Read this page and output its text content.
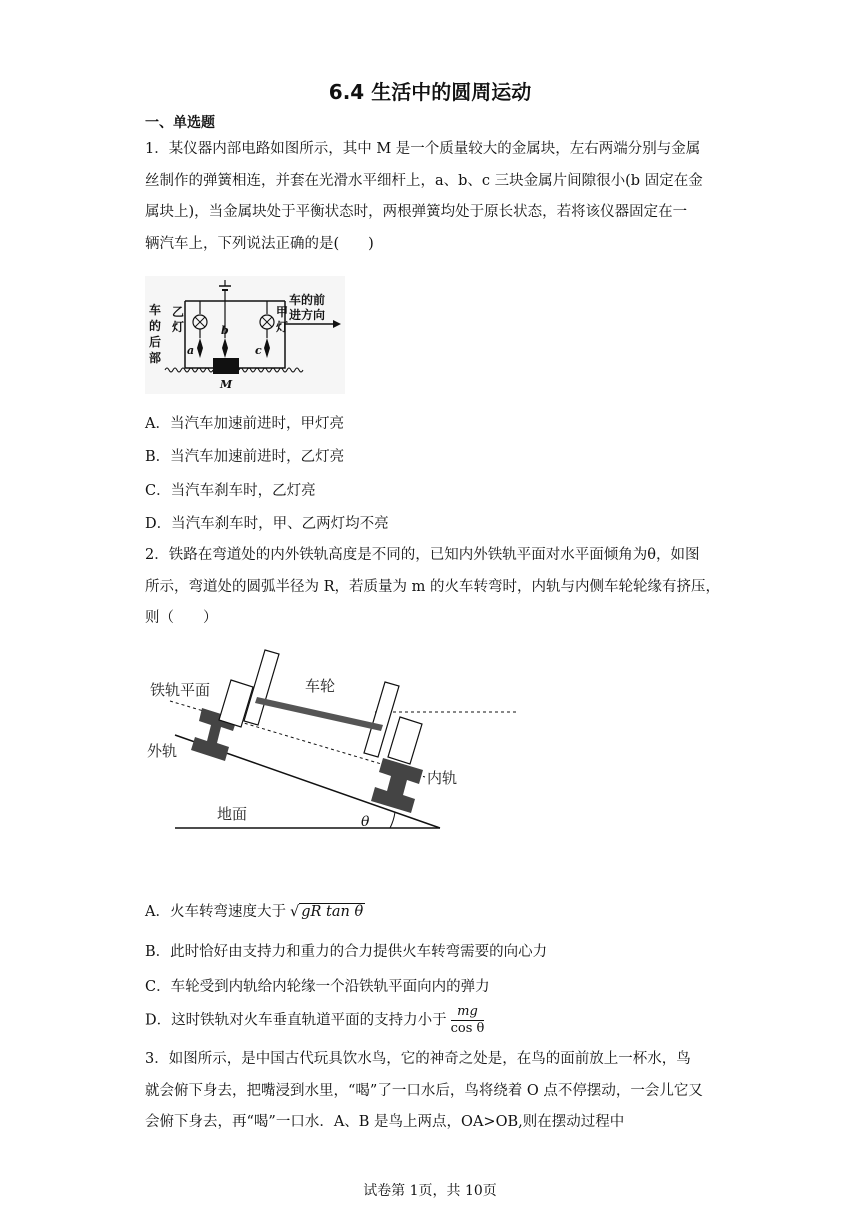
6.4 生活中的圆周运动
一、单选题
1．某仪器内部电路如图所示，其中 M 是一个质量较大的金属块，左右两端分别与金属
丝制作的弹簧相连，并套在光滑水平细杆上，a、b、c 三块金属片间隙很小(b 固定在金
属块上)，当金属块处于平衡状态时，两根弹簧均处于原长状态，若将该仪器固定在一
辆汽车上，下列说法正确的是(　　)
车
的
后
部
乙
灯
甲
灯
车的前
进方向
a
b
c
M
A．当汽车加速前进时，甲灯亮
B．当汽车加速前进时，乙灯亮
C．当汽车刹车时，乙灯亮
D．当汽车刹车时，甲、乙两灯均不亮
2．铁路在弯道处的内外铁轨高度是不同的，已知内外铁轨平面对水平面倾角为θ，如图
所示，弯道处的圆弧半径为 R，若质量为 m 的火车转弯时，内轨与内侧车轮轮缘有挤压，
则（　　）
铁轨平面	车轮
外轨
内轨
地面	θ
A．火车转弯速度大于 √ gR tan θ
B．此时恰好由支持力和重力的合力提供火车转弯需要的向心力
C．车轮受到内轨给内轮缘一个沿铁轨平面向内的弹力
D．这时铁轨对火车垂直轨道平面的支持力小于 $\frac{mg}{\text{cos θ}}$
3．如图所示，是中国古代玩具饮水鸟，它的神奇之处是，在鸟的面前放上一杯水，鸟
就会俯下身去，把嘴浸到水里，“喝”了一口水后，鸟将绕着 O 点不停摆动，一会儿它又
会俯下身去，再“喝”一口水．A、B 是鸟上两点，OA>OB,则在摆动过程中
试卷第 1页，共 10页
